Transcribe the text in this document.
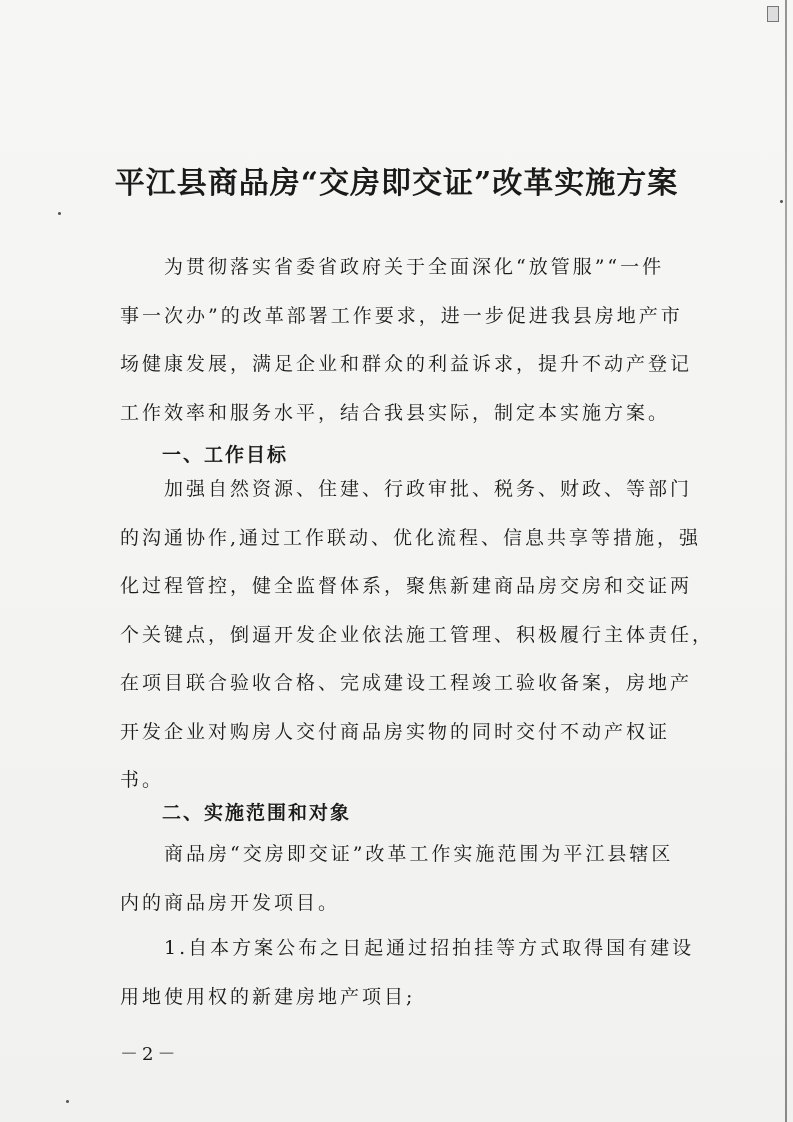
平江县商品房“交房即交证”改革实施方案
为贯彻落实省委省政府关于全面深化“放管服”“一件
事一次办”的改革部署工作要求，进一步促进我县房地产市
场健康发展，满足企业和群众的利益诉求，提升不动产登记
工作效率和服务水平，结合我县实际，制定本实施方案。
一、工作目标
加强自然资源、住建、行政审批、税务、财政、等部门
的沟通协作,通过工作联动、优化流程、信息共享等措施，强
化过程管控，健全监督体系，聚焦新建商品房交房和交证两
个关键点，倒逼开发企业依法施工管理、积极履行主体责任，
在项目联合验收合格、完成建设工程竣工验收备案，房地产
开发企业对购房人交付商品房实物的同时交付不动产权证
书。
二、实施范围和对象
商品房“交房即交证”改革工作实施范围为平江县辖区
内的商品房开发项目。
1.自本方案公布之日起通过招拍挂等方式取得国有建设
用地使用权的新建房地产项目;
－2－
